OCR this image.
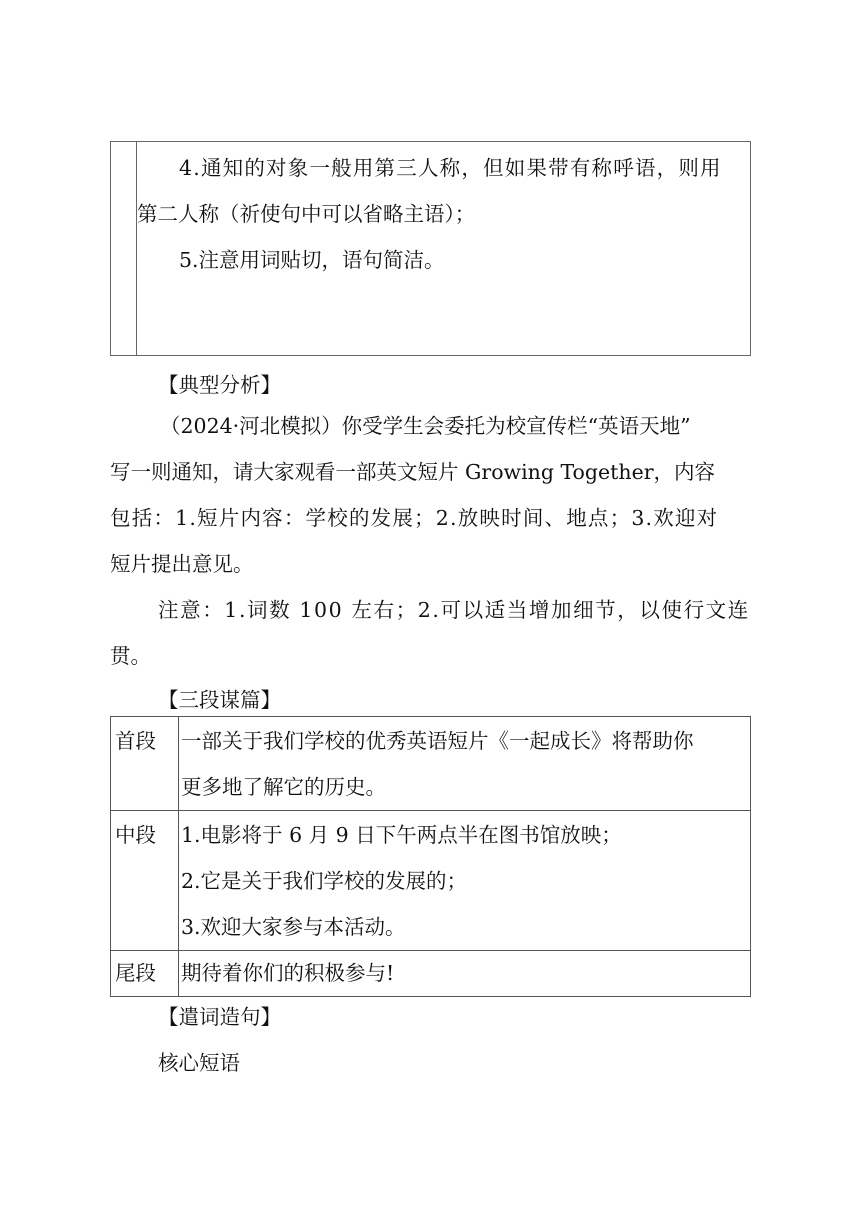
4.通知的对象一般用第三人称，但如果带有称呼语，则用
第二人称（祈使句中可以省略主语）；
5.注意用词贴切，语句简洁。
【典型分析】
（2024·河北模拟）你受学生会委托为校宣传栏“英语天地”
写一则通知，请大家观看一部英文短片 Growing Together，内容
包括：1.短片内容：学校的发展；2.放映时间、地点；3.欢迎对
短片提出意见。
注意：1.词数 100 左右；2.可以适当增加细节，以使行文连
贯。
【三段谋篇】
首段	一部关于我们学校的优秀英语短片《一起成长》将帮助你
更多地了解它的历史。

中段	1.电影将于 6 月 9 日下午两点半在图书馆放映；
2.它是关于我们学校的发展的；
3.欢迎大家参与本活动。

尾段	期待着你们的积极参与!
【遣词造句】
核心短语
